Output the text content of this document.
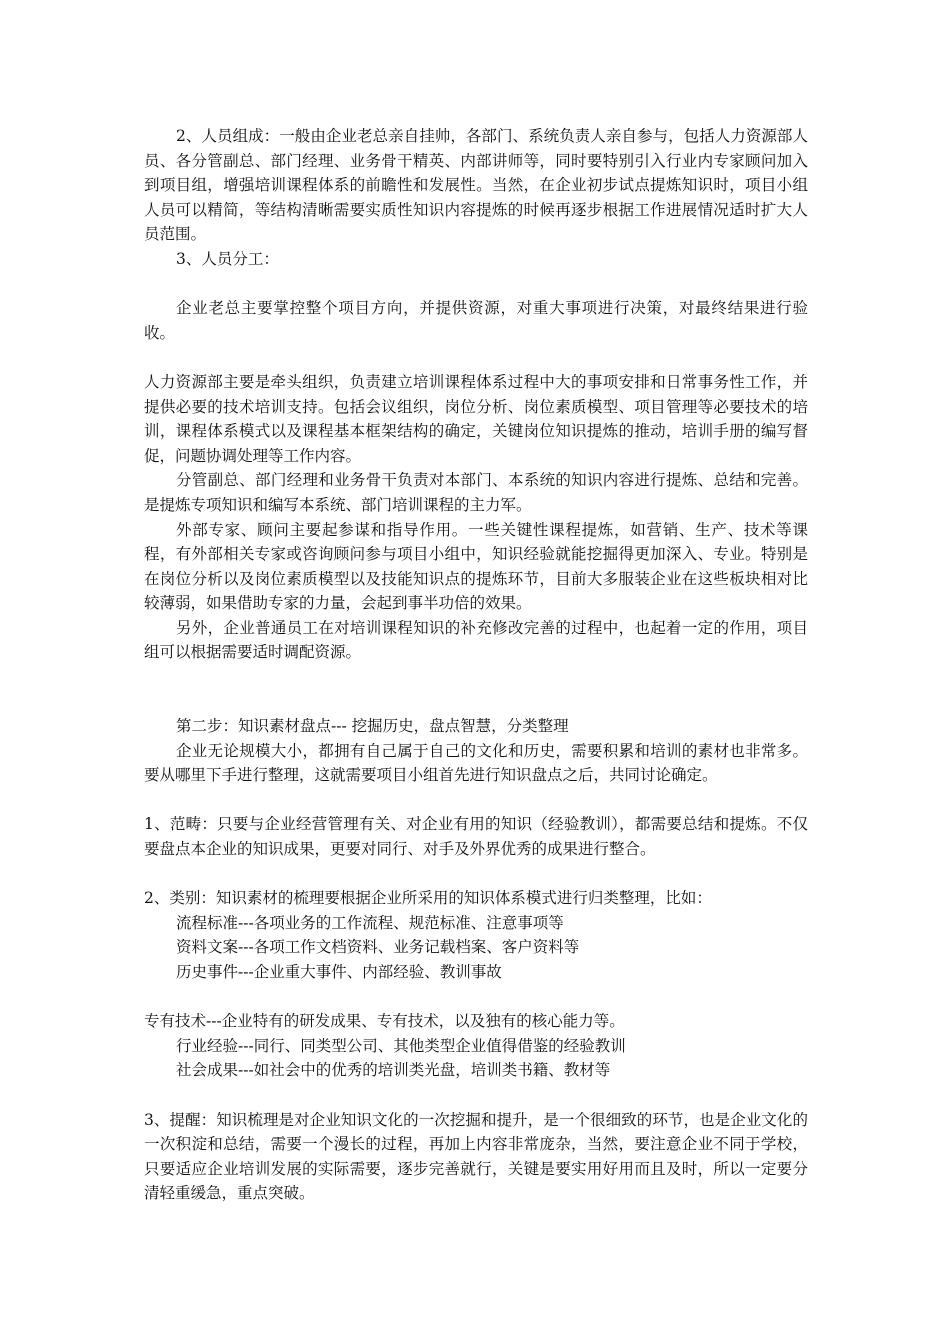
2、人员组成：一般由企业老总亲自挂帅，各部门、系统负责人亲自参与，包括人力资源部人员、各分管副总、部门经理、业务骨干精英、内部讲师等，同时要特别引入行业内专家顾问加入到项目组，增强培训课程体系的前瞻性和发展性。当然，在企业初步试点提炼知识时，项目小组人员可以精简，等结构清晰需要实质性知识内容提炼的时候再逐步根据工作进展情况适时扩大人员范围。

3、人员分工：

企业老总主要掌控整个项目方向，并提供资源，对重大事项进行决策，对最终结果进行验收。

人力资源部主要是牵头组织，负责建立培训课程体系过程中大的事项安排和日常事务性工作，并提供必要的技术培训支持。包括会议组织，岗位分析、岗位素质模型、项目管理等必要技术的培训，课程体系模式以及课程基本框架结构的确定，关键岗位知识提炼的推动，培训手册的编写督促，问题协调处理等工作内容。

分管副总、部门经理和业务骨干负责对本部门、本系统的知识内容进行提炼、总结和完善。是提炼专项知识和编写本系统、部门培训课程的主力军。

外部专家、顾问主要起参谋和指导作用。一些关键性课程提炼，如营销、生产、技术等课程，有外部相关专家或咨询顾问参与项目小组中，知识经验就能挖掘得更加深入、专业。特别是在岗位分析以及岗位素质模型以及技能知识点的提炼环节，目前大多服装企业在这些板块相对比较薄弱，如果借助专家的力量，会起到事半功倍的效果。

另外，企业普通员工在对培训课程知识的补充修改完善的过程中，也起着一定的作用，项目组可以根据需要适时调配资源。

第二步：知识素材盘点--- 挖掘历史，盘点智慧，分类整理

企业无论规模大小，都拥有自己属于自己的文化和历史，需要积累和培训的素材也非常多。要从哪里下手进行整理，这就需要项目小组首先进行知识盘点之后，共同讨论确定。

1、范畴：只要与企业经营管理有关、对企业有用的知识（经验教训），都需要总结和提炼。不仅要盘点本企业的知识成果，更要对同行、对手及外界优秀的成果进行整合。

2、类别：知识素材的梳理要根据企业所采用的知识体系模式进行归类整理，比如：

流程标准---各项业务的工作流程、规范标准、注意事项等

资料文案---各项工作文档资料、业务记载档案、客户资料等

历史事件---企业重大事件、内部经验、教训事故

专有技术---企业特有的研发成果、专有技术，以及独有的核心能力等。

行业经验---同行、同类型公司、其他类型企业值得借鉴的经验教训

社会成果---如社会中的优秀的培训类光盘，培训类书籍、教材等

3、提醒：知识梳理是对企业知识文化的一次挖掘和提升，是一个很细致的环节，也是企业文化的一次积淀和总结，需要一个漫长的过程，再加上内容非常庞杂，当然，要注意企业不同于学校，只要适应企业培训发展的实际需要，逐步完善就行，关键是要实用好用而且及时，所以一定要分清轻重缓急，重点突破。
